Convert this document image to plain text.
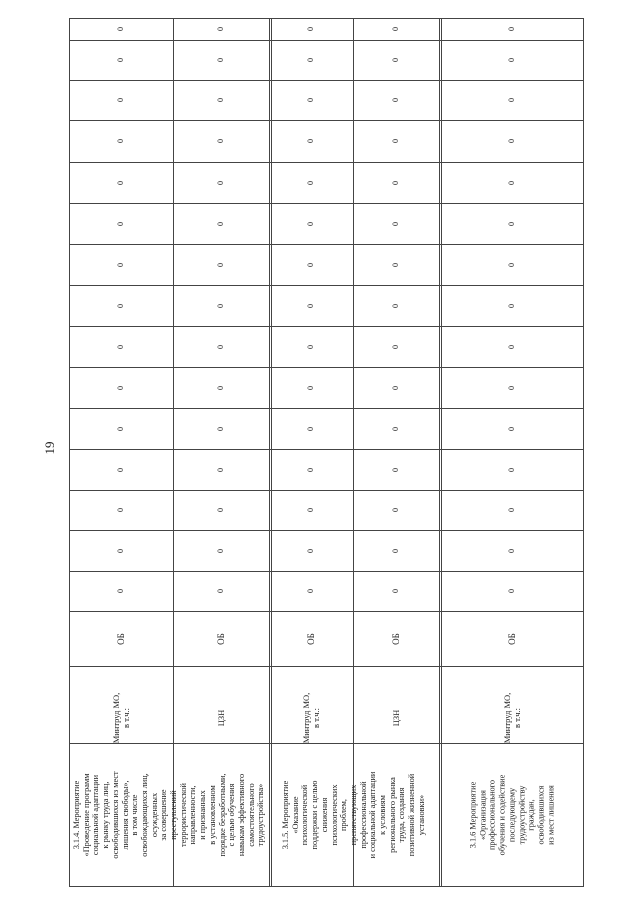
19
0
0
0
0
0
0
0
0
0
0
0
0
0
0
0
ОБ
Минтруд МО, в т.ч.:
0
0
0
0
0
0
0
0
0
0
0
0
0
0
0
ОБ
ЦЗН
0
0
0
0
0
0
0
0
0
0
0
0
0
0
0
ОБ
Минтруд МО, в т.ч.:
0
0
0
0
0
0
0
0
0
0
0
0
0
0
0
ОБ
ЦЗН
0
0
0
0
0
0
0
0
0
0
0
0
0
0
0
ОБ
Минтруд МО, в т.ч.:
3.1.4. Мероприятие «Проведение программ социальной адаптации к рынку труда лиц, освободившихся из мест лишения свободы», в том числе освобождающихся лиц, осужденных за совершение преступлений террористической направленности, и признанных в установленном порядке безработными, с целью обучения навыкам эффективного самостоятельного трудоустройства» 3.1.5. Мероприятие «Оказание психологической поддержки с целью снижения психологических проблем, препятствующих профессиональной и социальной адаптации к условиям регионального рынка труда, создания позитивной жизненной установки»	3.1.6 Мероприятие «Организация профессионального обучения и содействие последующему трудоустройству граждан, освободившихся из мест лишения
